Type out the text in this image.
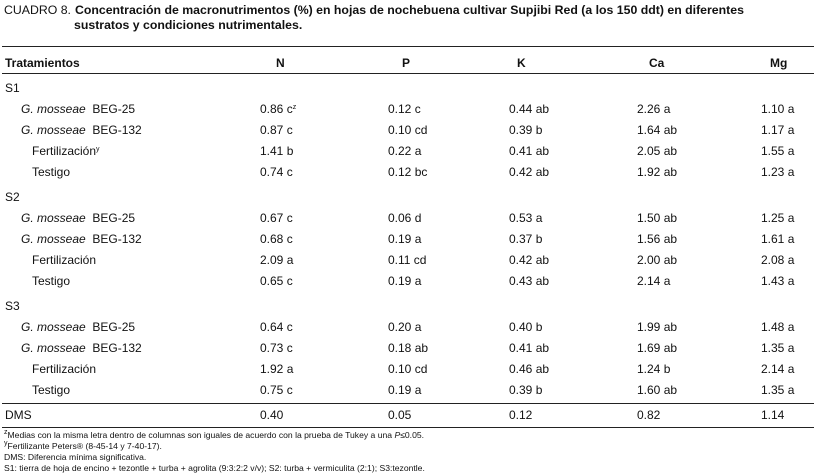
CUADRO 8. Concentración de macronutrimentos (%) en hojas de nochebuena cultivar Supjibi Red (a los 150 ddt) en diferentes
sustratos y condiciones nutrimentales.
Tratamientos	N	P	K	Ca	Mg
S1
G. mosseae BEG-25	0.86 $c^z$	0.12 c	0.44 ab	2.26 a	1.10 a
G. mosseae BEG-132	0.87 c	0.10 cd	0.39 b	1.64 ab	1.17 a
Fertilización$^y$	1.41 b	0.22 a	0.41 ab	2.05 ab	1.55 a
Testigo	0.74 c	0.12 bc	0.42 ab	1.92 ab	1.23 a
S2
G. mosseae BEG-25	0.67 c	0.06 d	0.53 a	1.50 ab	1.25 a
G. mosseae BEG-132	0.68 c	0.19 a	0.37 b	1.56 ab	1.61 a
Fertilización	2.09 a	0.11 cd	0.42 ab	2.00 ab	2.08 a
Testigo	0.65 c	0.19 a	0.43 ab	2.14 a	1.43 a
S3
G. mosseae BEG-25	0.64 c	0.20 a	0.40 b	1.99 ab	1.48 a
G. mosseae BEG-132	0.73 c	0.18 ab	0.41 ab	1.69 ab	1.35 a
Fertilización	1.92 a	0.10 cd	0.46 ab	1.24 b	2.14 a
Testigo	0.75 c	0.19 a	0.39 b	1.60 ab	1.35 a
DMS	0.40	0.05	0.12	0.82	1.14
$^z$Medias con la misma letra dentro de columnas son iguales de acuerdo con la prueba de Tukey a una P≤0.05.
$^y$Fertilizante Peters® (8-45-14 y 7-40-17).
DMS: Diferencia mínima significativa.
S1: tierra de hoja de encino + tezontle + turba + agrolita (9:3:2:2 v/v); S2: turba + vermiculita (2:1); S3:tezontle.
